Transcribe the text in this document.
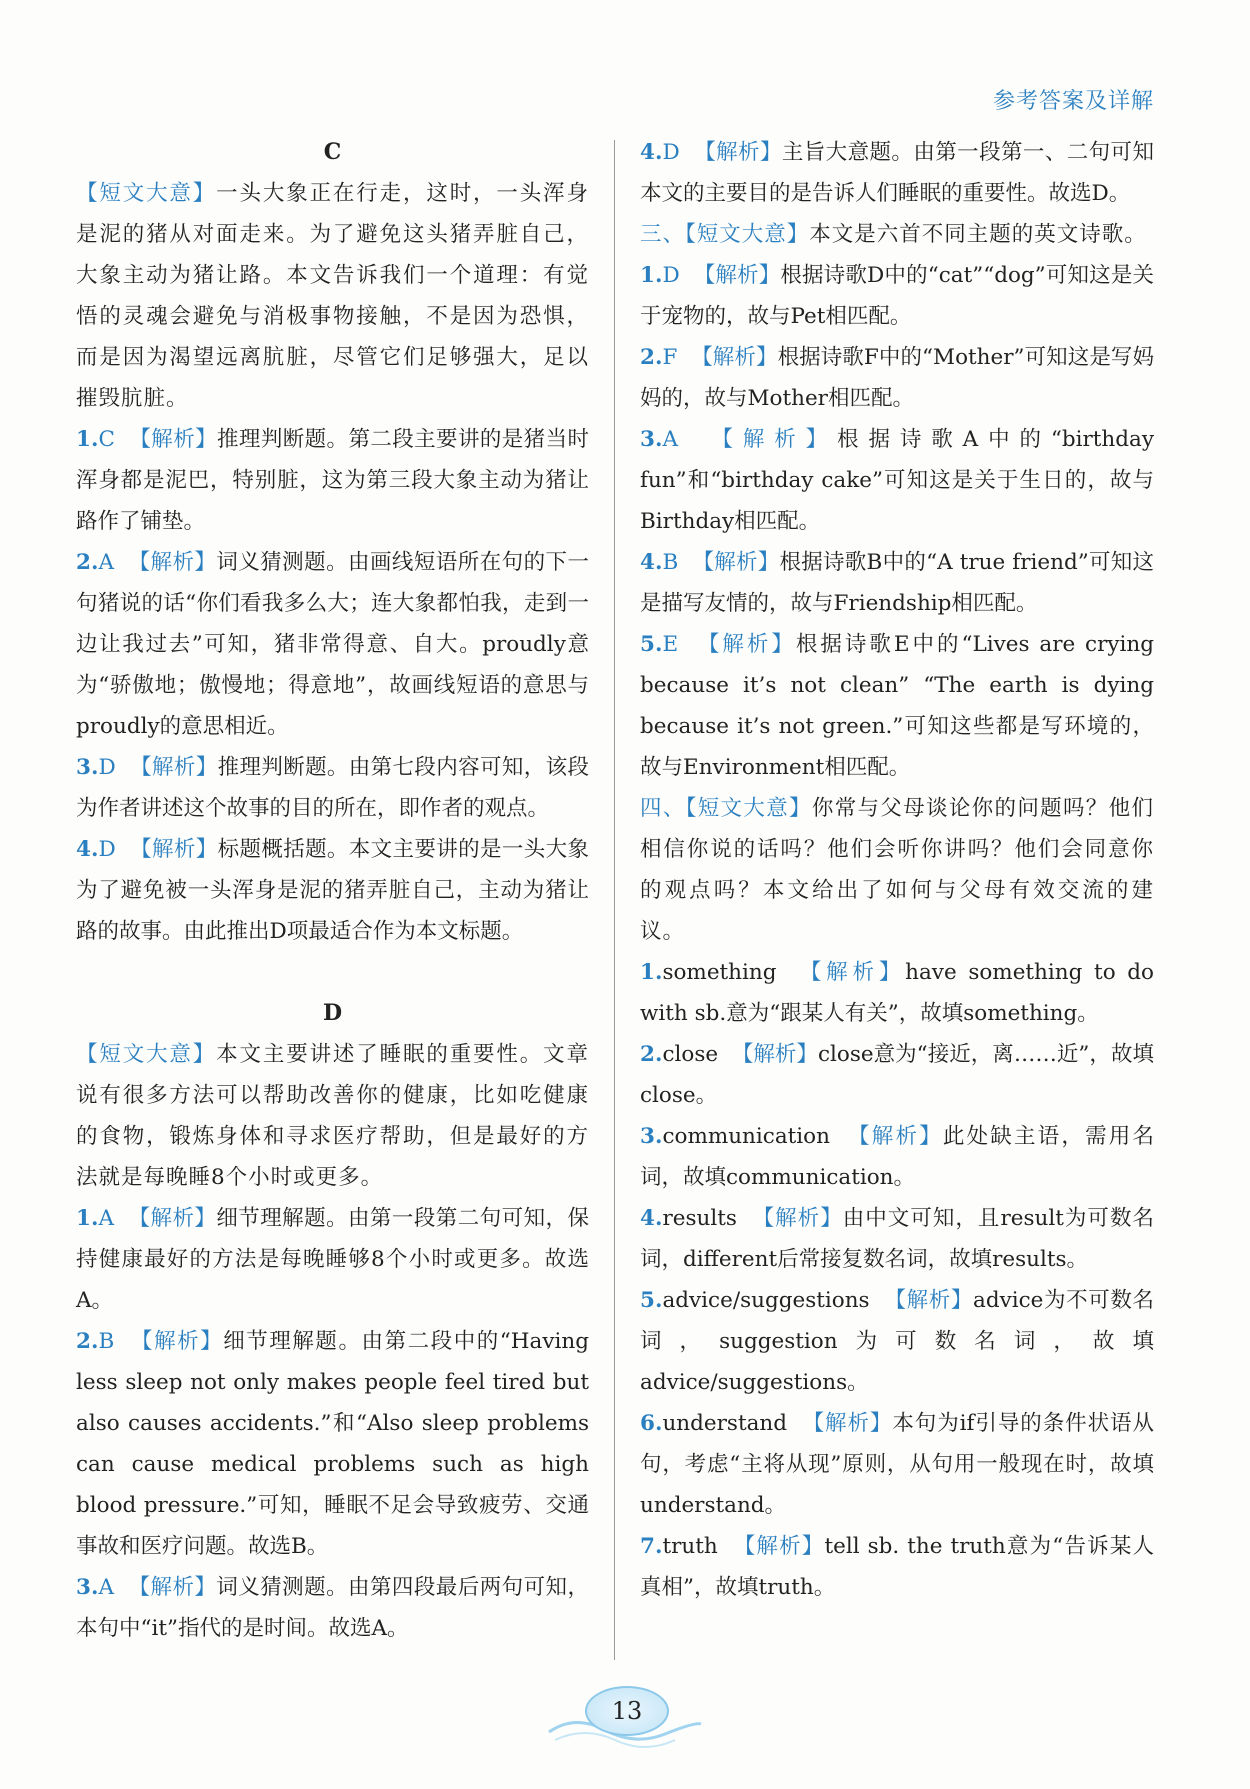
参考答案及详解

C

【短文大意】一头大象正在行走，这时，一头浑身是泥的猪从对面走来。为了避免这头猪弄脏自己，大象主动为猪让路。本文告诉我们一个道理：有觉悟的灵魂会避免与消极事物接触，不是因为恐惧，而是因为渴望远离肮脏，尽管它们足够强大，足以摧毁肮脏。

1.C 【解析】推理判断题。第二段主要讲的是猪当时浑身都是泥巴，特别脏，这为第三段大象主动为猪让路作了铺垫。

2.A 【解析】词义猜测题。由画线短语所在句的下一句猪说的话“你们看我多么大；连大象都怕我，走到一边让我过去”可知，猪非常得意、自大。proudly意为“骄傲地；傲慢地；得意地”，故画线短语的意思与proudly的意思相近。

3.D 【解析】推理判断题。由第七段内容可知，该段为作者讲述这个故事的目的所在，即作者的观点。

4.D 【解析】标题概括题。本文主要讲的是一头大象为了避免被一头浑身是泥的猪弄脏自己，主动为猪让路的故事。由此推出D项最适合作为本文标题。

D

【短文大意】本文主要讲述了睡眠的重要性。文章说有很多方法可以帮助改善你的健康，比如吃健康的食物，锻炼身体和寻求医疗帮助，但是最好的方法就是每晚睡8个小时或更多。

1.A 【解析】细节理解题。由第一段第二句可知，保持健康最好的方法是每晚睡够8个小时或更多。故选A。

2.B 【解析】细节理解题。由第二段中的“Having less sleep not only makes people feel tired but also causes accidents.”和“Also sleep problems can cause medical problems such as high blood pressure.”可知，睡眠不足会导致疲劳、交通事故和医疗问题。故选B。

3.A 【解析】词义猜测题。由第四段最后两句可知，本句中“it”指代的是时间。故选A。

4.D 【解析】主旨大意题。由第一段第一、二句可知本文的主要目的是告诉人们睡眠的重要性。故选D。

三、【短文大意】本文是六首不同主题的英文诗歌。

1.D 【解析】根据诗歌D中的“cat”“dog”可知这是关于宠物的，故与Pet相匹配。

2.F 【解析】根据诗歌F中的“Mother”可知这是写妈妈的，故与Mother相匹配。

3.A 【解析】根据诗歌A中的“birthday fun”和“birthday cake”可知这是关于生日的，故与Birthday相匹配。

4.B 【解析】根据诗歌B中的“A true friend”可知这是描写友情的，故与Friendship相匹配。

5.E 【解析】根据诗歌E中的“Lives are crying because it’s not clean” “The earth is dying because it’s not green.”可知这些都是写环境的，故与Environment相匹配。

四、【短文大意】你常与父母谈论你的问题吗？他们相信你说的话吗？他们会听你讲吗？他们会同意你的观点吗？本文给出了如何与父母有效交流的建议。

1.something 【解析】have something to do with sb.意为“跟某人有关”，故填something。

2.close 【解析】close意为“接近，离……近”，故填close。

3.communication 【解析】此处缺主语，需用名词，故填communication。

4.results 【解析】由中文可知，且result为可数名词，different后常接复数名词，故填results。

5.advice/suggestions 【解析】advice为不可数名词，suggestion为可数名词，故填advice/suggestions。

6.understand 【解析】本句为if引导的条件状语从句，考虑“主将从现”原则，从句用一般现在时，故填understand。

7.truth 【解析】tell sb. the truth意为“告诉某人真相”，故填truth。

13
